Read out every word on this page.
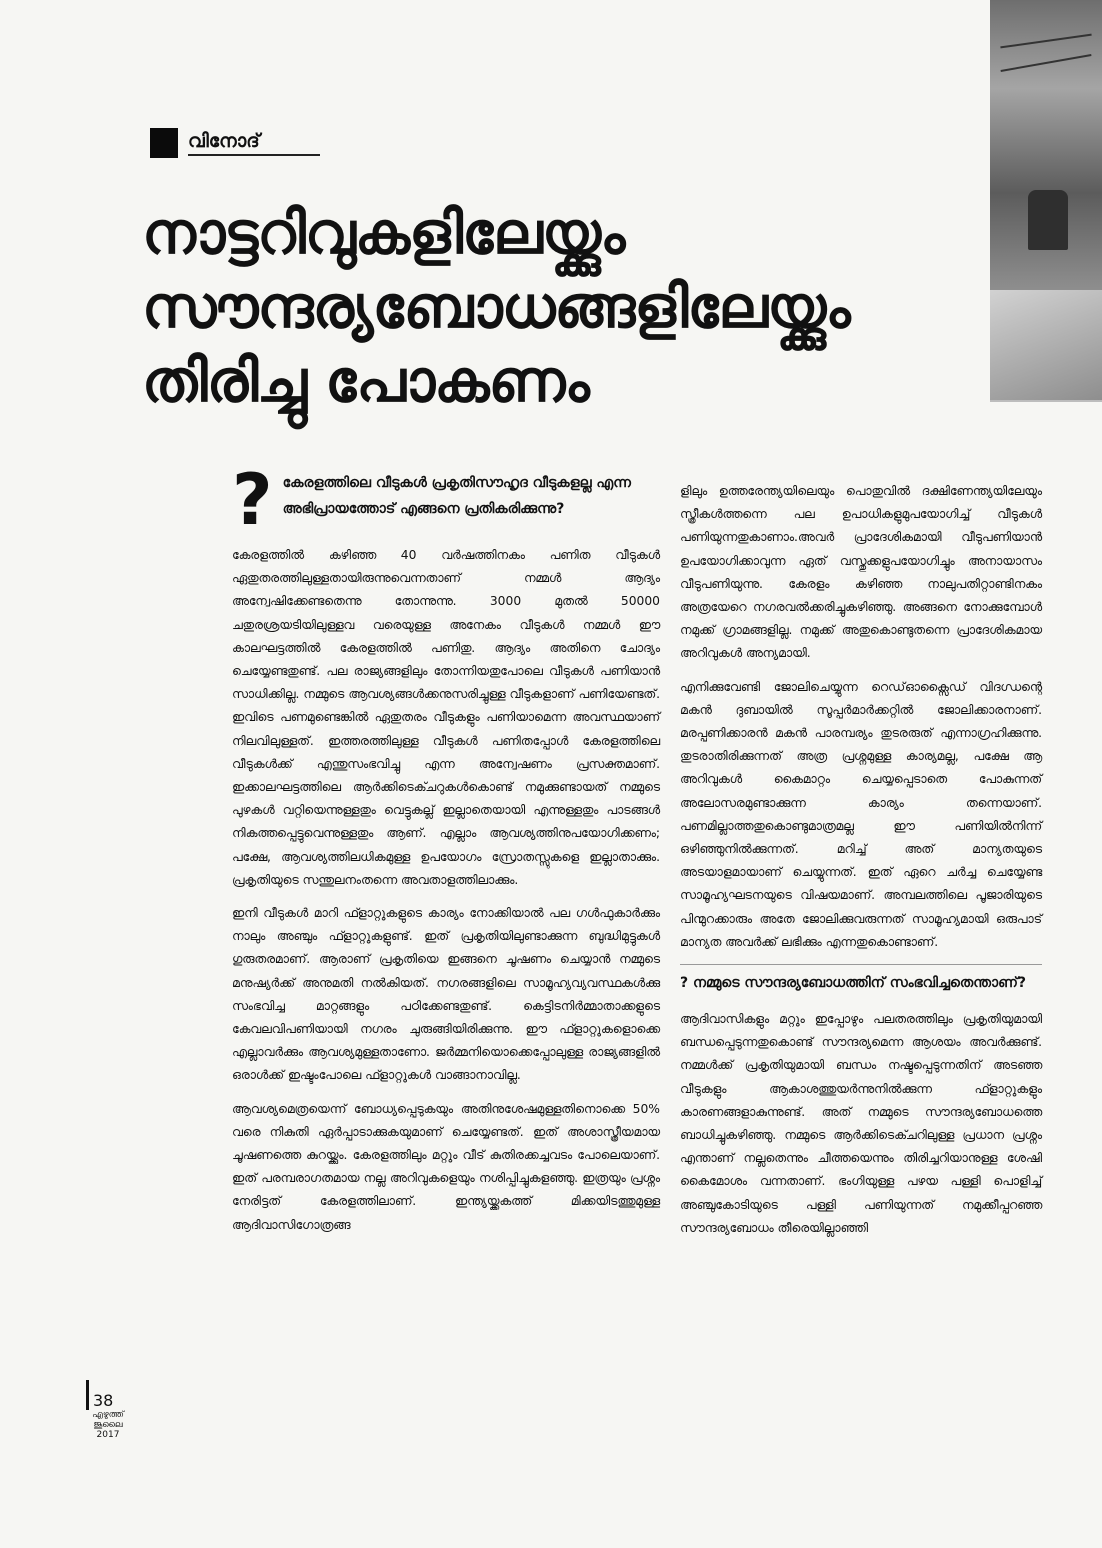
വിനോദ്
നാട്ടറിവുകളിലേയ്ക്കും
സൗന്ദര്യബോധങ്ങളിലേയ്ക്കും
തിരിച്ചു പോകണം
? കേരളത്തിലെ വീടുകൾ പ്രകൃതിസൗഹൃദ വീടുകളല്ല എന്ന അഭിപ്രായത്തോട് എങ്ങനെ പ്രതികരിക്കുന്നു?

കേരളത്തിൽ കഴിഞ്ഞ 40 വർഷത്തിനകം പണിത വീടുകൾ ഏതുതരത്തിലുള്ളതായിരുന്നുവെന്നതാണ് നമ്മൾ ആദ്യം അന്വേഷിക്കേണ്ടതെന്നു തോന്നുന്നു. 3000 മുതൽ 50000 ചതുരശ്രയടിയിലുള്ളവ വരെയുള്ള അനേകം വീടുകൾ നമ്മൾ ഈ കാലഘട്ടത്തിൽ കേരളത്തിൽ പണിതു. ആദ്യം അതിനെ ചോദ്യം ചെയ്യേണ്ടതുണ്ട്. പല രാജ്യങ്ങളിലും തോന്നിയതുപോലെ വീടുകൾ പണിയാൻ സാധിക്കില്ല. നമ്മുടെ ആവശ്യങ്ങൾക്കനുസരിച്ചുള്ള വീടുകളാണ് പണിയേണ്ടത്. ഇവിടെ പണമുണ്ടെങ്കിൽ ഏതുതരം വീടുകളും പണിയാമെന്ന അവസ്ഥയാണ് നിലവിലുള്ളത്. ഇത്തരത്തിലുള്ള വീടുകൾ പണിതപ്പോൾ കേരളത്തിലെ വീടുകൾക്ക് എന്തുസംഭവിച്ചു എന്ന അന്വേഷണം പ്രസക്തമാണ്. ഇക്കാലഘട്ടത്തിലെ ആർക്കിടെക്ചറുകൾകൊണ്ട് നമുക്കുണ്ടായത് നമ്മുടെ പുഴകൾ വറ്റിയെന്നുള്ളതും വെട്ടുകല്ല് ഇല്ലാതെയായി എന്നുള്ളതും പാടങ്ങൾ നികത്തപ്പെട്ടുവെന്നുള്ളതും ആണ്. എല്ലാം ആവശ്യത്തിനുപയോഗിക്കണം; പക്ഷേ, ആവശ്യത്തിലധികമുള്ള ഉപയോഗം സ്രോതസ്സുകളെ ഇല്ലാതാക്കും. പ്രകൃതിയുടെ സന്തുലനംതന്നെ അവതാളത്തിലാക്കും.

ഇനി വീടുകൾ മാറി ഫ്ളാറ്റുകളുടെ കാര്യം നോക്കിയാൽ പല ഗൾഫുകാർക്കും നാലും അഞ്ചും ഫ്ളാറ്റുകളുണ്ട്. ഇത് പ്രകൃതിയിലുണ്ടാക്കുന്ന ബുദ്ധിമുട്ടുകൾ ഗുരുതരമാണ്. ആരാണ് പ്രകൃതിയെ ഇങ്ങനെ ചൂഷണം ചെയ്യാൻ നമ്മുടെ മനുഷ്യർക്ക് അനുമതി നൽകിയത്. നഗരങ്ങളിലെ സാമൂഹ്യവ്യവസ്ഥകൾക്കു സംഭവിച്ച മാറ്റങ്ങളും പഠിക്കേണ്ടതുണ്ട്. കെട്ടിടനിർമ്മാതാക്കളുടെ കേവലവിപണിയായി നഗരം ചുരുങ്ങിയിരിക്കുന്നു. ഈ ഫ്ളാറ്റുകളൊക്കെ എല്ലാവർക്കും ആവശ്യമുള്ളതാണോ. ജർമ്മനിയൊക്കെപ്പോലുള്ള രാജ്യങ്ങളിൽ ഒരാൾക്ക് ഇഷ്ടംപോലെ ഫ്ളാറ്റുകൾ വാങ്ങാനാവില്ല.

ആവശ്യമെത്രയെന്ന് ബോധ്യപ്പെടുകയും അതിനുശേഷമുള്ളതിനൊക്കെ 50% വരെ നികുതി ഏർപ്പാടാക്കുകയുമാണ് ചെയ്യേണ്ടത്. ഇത് അശാസ്ത്രീയമായ ചൂഷണത്തെ കുറയ്ക്കും. കേരളത്തിലും മറ്റും വീട് കുതിരക്കച്ചവടം പോലെയാണ്. ഇത് പരമ്പരാഗതമായ നല്ല അറിവുകളെയും നശിപ്പിച്ചുകളഞ്ഞു. ഇത്രയും പ്രശ്നം നേരിട്ടത് കേരളത്തിലാണ്. ഇന്ത്യയ്ക്കകത്ത് മിക്കയിടത്തുമുള്ള ആദിവാസിഗോത്രങ്ങ

ളിലും ഉത്തരേന്ത്യയിലെയും പൊതുവിൽ ദക്ഷിണേന്ത്യയിലേയും സ്ത്രീകൾത്തന്നെ പല ഉപാധികളുമുപയോഗിച്ച് വീടുകൾ പണിയുന്നതുകാണാം.അവർ പ്രാദേശികമായി വീടുപണിയാൻ ഉപയോഗിക്കാവുന്ന ഏത് വസ്തുക്കളുപയോഗിച്ചും അനായാസം വീടുപണിയുന്നു. കേരളം കഴിഞ്ഞ നാലുപതിറ്റാണ്ടിനകം അത്രയേറെ നഗരവൽക്കരിച്ചുകഴിഞ്ഞു. അങ്ങനെ നോക്കുമ്പോൾ നമുക്ക് ഗ്രാമങ്ങളില്ല. നമുക്ക് അതുകൊണ്ടുതന്നെ പ്രാദേശികമായ അറിവുകൾ അന്യമായി.

എനിക്കുവേണ്ടി ജോലിചെയ്യുന്ന റെഡ്ഓക്സൈഡ് വിദഗ്ധന്റെ മകൻ ദുബായിൽ സൂപ്പർമാർക്കറ്റിൽ ജോലിക്കാരനാണ്. മരപ്പണിക്കാരൻ മകൻ പാരമ്പര്യം തുടരരുത് എന്നാഗ്രഹിക്കുന്നു. തുടരാതിരിക്കുന്നത് അത്ര പ്രശ്നമുള്ള കാര്യമല്ല, പക്ഷേ ആ അറിവുകൾ കൈമാറ്റം ചെയ്യപ്പെടാതെ പോകുന്നത് അലോസരമുണ്ടാക്കുന്ന കാര്യം തന്നെയാണ്. പണമില്ലാത്തതുകൊണ്ടുമാത്രമല്ല ഈ പണിയിൽനിന്ന് ഒഴിഞ്ഞുനിൽക്കുന്നത്. മറിച്ച് അത് മാന്യതയുടെ അടയാളമായാണ് ചെയ്യുന്നത്. ഇത് ഏറെ ചർച്ച ചെയ്യേണ്ട സാമൂഹ്യഘടനയുടെ വിഷയമാണ്. അമ്പലത്തിലെ പൂജാരിയുടെ പിന്മുറക്കാരും അതേ ജോലിക്കുവരുന്നത് സാമൂഹ്യമായി ഒരുപാട് മാന്യത അവർക്ക് ലഭിക്കും എന്നതുകൊണ്ടാണ്.

? നമ്മുടെ സൗന്ദര്യബോധത്തിന് സംഭവിച്ചതെന്താണ്?

ആദിവാസികളും മറ്റും ഇപ്പോഴും പലതരത്തിലും പ്രകൃതിയുമായി ബന്ധപ്പെടുന്നതുകൊണ്ട് സൗന്ദര്യമെന്ന ആശയം അവർക്കുണ്ട്. നമ്മൾക്ക് പ്രകൃതിയുമായി ബന്ധം നഷ്ടപ്പെടുന്നതിന് അടഞ്ഞ വീടുകളും ആകാശത്തുയർന്നുനിൽക്കുന്ന ഫ്ളാറ്റുകളും കാരണങ്ങളാകുന്നുണ്ട്. അത് നമ്മുടെ സൗന്ദര്യബോധത്തെ ബാധിച്ചുകഴിഞ്ഞു. നമ്മുടെ ആർക്കിടെക്ചറിലുള്ള പ്രധാന പ്രശ്നം എന്താണ് നല്ലതെന്നും ചീത്തയെന്നും തിരിച്ചറിയാനുള്ള ശേഷി കൈമോശം വന്നതാണ്. ഭംഗിയുള്ള പഴയ പള്ളി പൊളിച്ച് അഞ്ചുകോടിയുടെ പള്ളി പണിയുന്നത് നമുക്കീപ്പറഞ്ഞ സൗന്ദര്യബോധം തീരെയില്ലാഞ്ഞി

38
എഴുത്ത്
ജൂലൈ
2017
